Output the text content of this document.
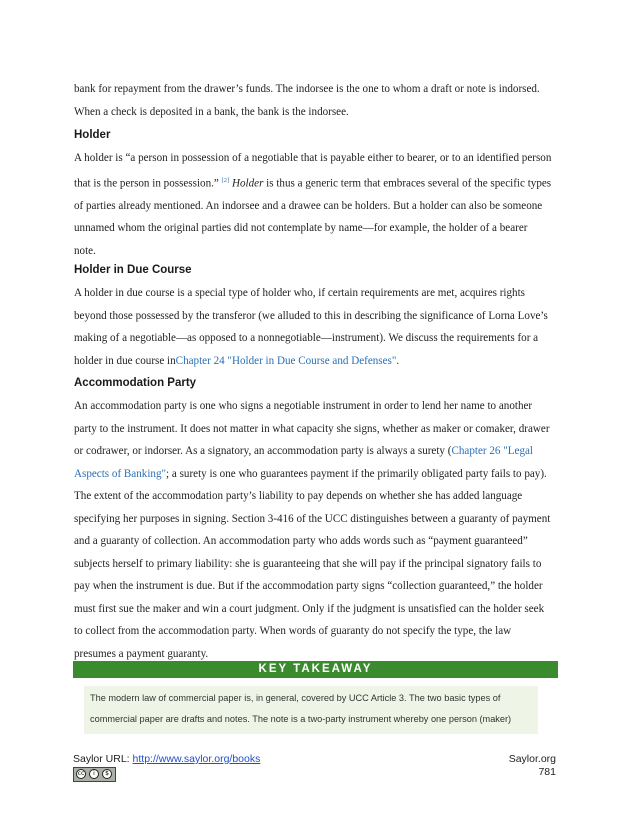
bank for repayment from the drawer’s funds. The indorsee is the one to whom a draft or note is indorsed.
When a check is deposited in a bank, the bank is the indorsee.

Holder

A holder is “a person in possession of a negotiable that is payable either to bearer, or to an identified person that is the person in possession.” [2] Holder is thus a generic term that embraces several of the specific types of parties already mentioned. An indorsee and a drawee can be holders. But a holder can also be someone unnamed whom the original parties did not contemplate by name—for example, the holder of a bearer note.

Holder in Due Course

A holder in due course is a special type of holder who, if certain requirements are met, acquires rights beyond those possessed by the transferor (we alluded to this in describing the significance of Lorna Love’s making of a negotiable—as opposed to a nonnegotiable—instrument). We discuss the requirements for a holder in due course inChapter 24 "Holder in Due Course and Defenses".

Accommodation Party

An accommodation party is one who signs a negotiable instrument in order to lend her name to another party to the instrument. It does not matter in what capacity she signs, whether as maker or comaker, drawer or codrawer, or indorser. As a signatory, an accommodation party is always a surety (Chapter 26 "Legal Aspects of Banking"; a surety is one who guarantees payment if the primarily obligated party fails to pay). The extent of the accommodation party’s liability to pay depends on whether she has added language specifying her purposes in signing. Section 3-416 of the UCC distinguishes between a guaranty of payment and a guaranty of collection. An accommodation party who adds words such as “payment guaranteed” subjects herself to primary liability: she is guaranteeing that she will pay if the principal signatory fails to pay when the instrument is due. But if the accommodation party signs “collection guaranteed,” the holder must first sue the maker and win a court judgment. Only if the judgment is unsatisfied can the holder seek to collect from the accommodation party. When words of guaranty do not specify the type, the law presumes a payment guaranty.

KEY TAKEAWAY

The modern law of commercial paper is, in general, covered by UCC Article 3. The two basic types of commercial paper are drafts and notes. The note is a two-party instrument whereby one person (maker)

Saylor URL: http://www.saylor.org/books	Saylor.org
781
cc	i	$
